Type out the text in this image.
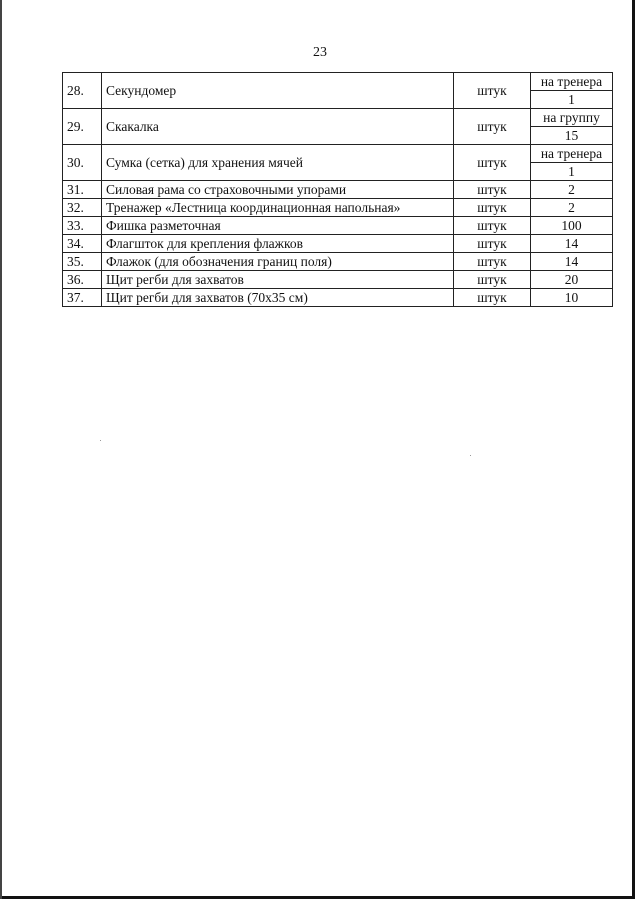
23
28.	Секундомер	штук	на тренера
			1
29.	Скакалка	штук	на группу
			15
30.	Сумка (сетка) для хранения мячей	штук	на тренера
			1
31.	Силовая рама со страховочными упорами	штук	2
32.	Тренажер «Лестница координационная напольная»	штук	2
33.	Фишка разметочная	штук	100
34.	Флагшток для крепления флажков	штук	14
35.	Флажок (для обозначения границ поля)	штук	14
36.	Щит регби для захватов	штук	20
37.	Щит регби для захватов (70х35 см)	штук	10
